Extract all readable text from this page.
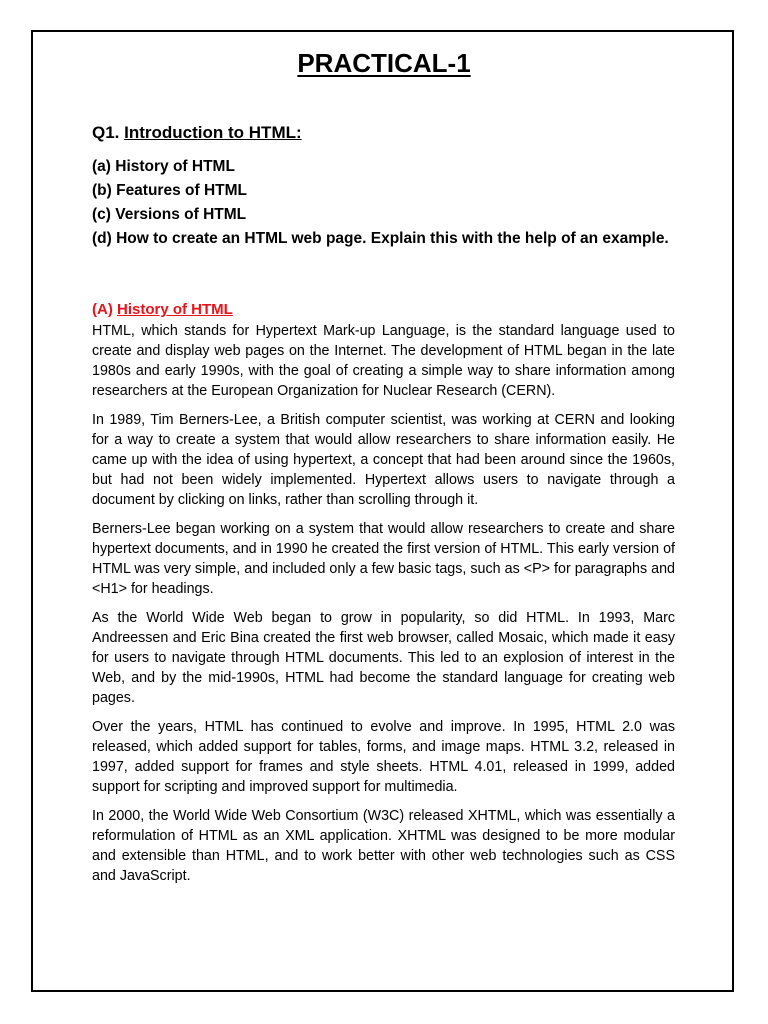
PRACTICAL-1
Q1. Introduction to HTML:

(a) History of HTML

(b) Features of HTML

(c) Versions of HTML

(d) How to create an HTML web page. Explain this with the help of an example.

(A) History of HTML

HTML, which stands for Hypertext Mark-up Language, is the standard language used to create and display web pages on the Internet. The development of HTML began in the late 1980s and early 1990s, with the goal of creating a simple way to share information among researchers at the European Organization for Nuclear Research (CERN).

In 1989, Tim Berners-Lee, a British computer scientist, was working at CERN and looking for a way to create a system that would allow researchers to share information easily. He came up with the idea of using hypertext, a concept that had been around since the 1960s, but had not been widely implemented. Hypertext allows users to navigate through a document by clicking on links, rather than scrolling through it.

Berners-Lee began working on a system that would allow researchers to create and share hypertext documents, and in 1990 he created the first version of HTML. This early version of HTML was very simple, and included only a few basic tags, such as <P> for paragraphs and <H1> for headings.

As the World Wide Web began to grow in popularity, so did HTML. In 1993, Marc Andreessen and Eric Bina created the first web browser, called Mosaic, which made it easy for users to navigate through HTML documents. This led to an explosion of interest in the Web, and by the mid-1990s, HTML had become the standard language for creating web pages.

Over the years, HTML has continued to evolve and improve. In 1995, HTML 2.0 was released, which added support for tables, forms, and image maps. HTML 3.2, released in 1997, added support for frames and style sheets. HTML 4.01, released in 1999, added support for scripting and improved support for multimedia.

In 2000, the World Wide Web Consortium (W3C) released XHTML, which was essentially a reformulation of HTML as an XML application. XHTML was designed to be more modular and extensible than HTML, and to work better with other web technologies such as CSS and JavaScript.
